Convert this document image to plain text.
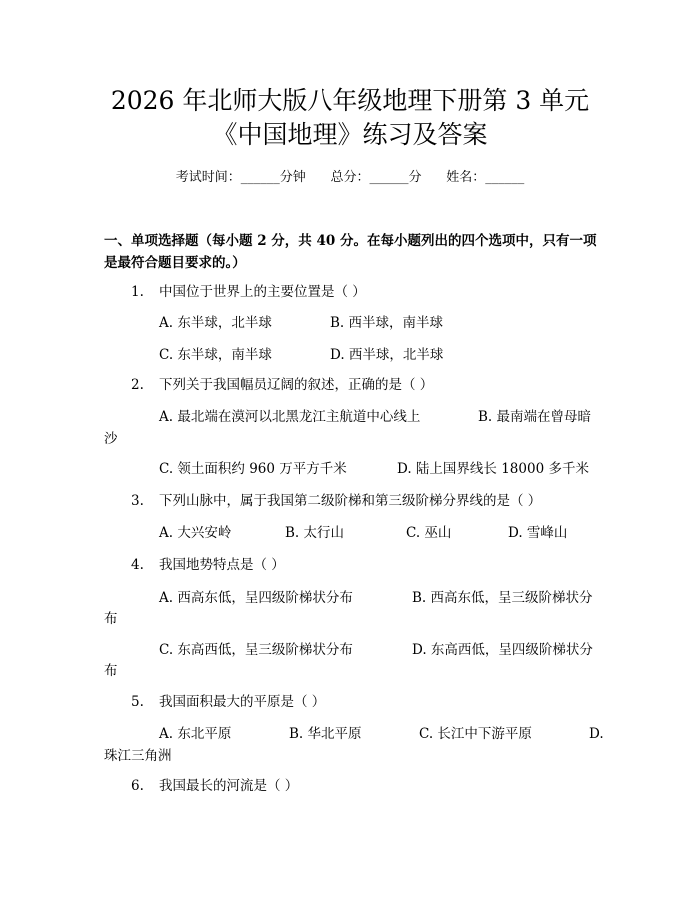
2026 年北师大版八年级地理下册第 3 单元
《中国地理》练习及答案
考试时间：______分钟      总分：______分      姓名：______
一、单项选择题（每小题 2 分，共 40 分。在每小题列出的四个选项中，只有一项是最符合题目要求的。）
1. 中国位于世界上的主要位置是（ ）
A. 东半球，北半球	B. 西半球，南半球
C. 东半球，南半球	D. 西半球，北半球
2. 下列关于我国幅员辽阔的叙述，正确的是（ ）
A. 最北端在漠河以北黑龙江主航道中心线上	B. 最南端在曾母暗
沙
C. 领土面积约 960 万平方千米	D. 陆上国界线长 18000 多千米
3. 下列山脉中，属于我国第二级阶梯和第三级阶梯分界线的是（ ）
A. 大兴安岭	B. 太行山	C. 巫山	D. 雪峰山
4. 我国地势特点是（ ）
A. 西高东低，呈四级阶梯状分布	B. 西高东低，呈三级阶梯状分
布
C. 东高西低，呈三级阶梯状分布	D. 东高西低，呈四级阶梯状分
布
5. 我国面积最大的平原是（ ）
A. 东北平原	B. 华北平原	C. 长江中下游平原	D.
珠江三角洲
6. 我国最长的河流是（ ）
